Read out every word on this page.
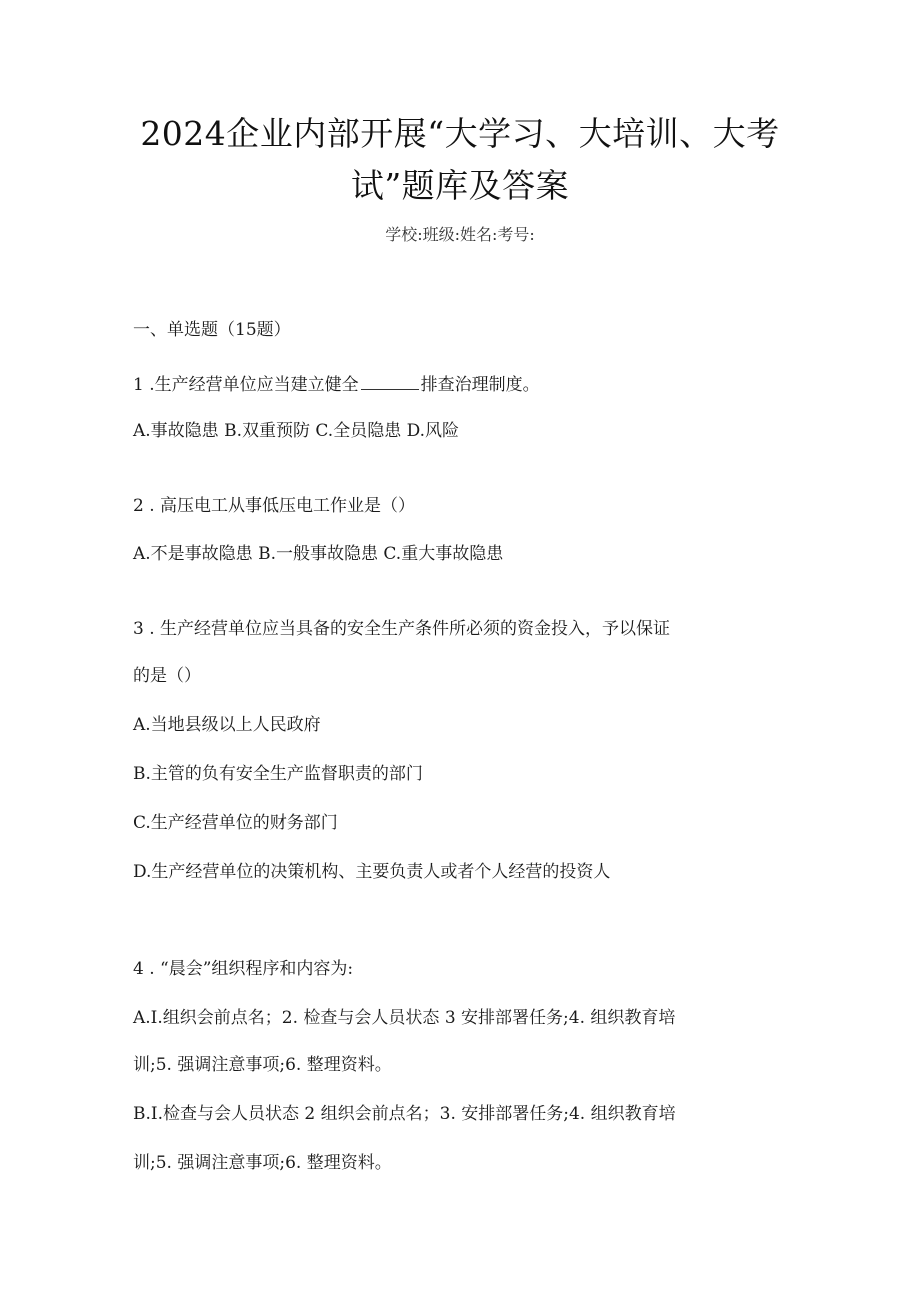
2024企业内部开展“大学习、大培训、大考
试”题库及答案
学校:班级:姓名:考号:
一、单选题（15题）
1 .生产经营单位应当建立健全	排查治理制度。
A.事故隐患 B.双重预防 C.全员隐患 D.风险
2 . 高压电工从事低压电工作业是（）
A.不是事故隐患 B.一般事故隐患 C.重大事故隐患
3 . 生产经营单位应当具备的安全生产条件所必须的资金投入，予以保证
的是（）
A.当地县级以上人民政府
B.主管的负有安全生产监督职责的部门
C.生产经营单位的财务部门
D.生产经营单位的决策机构、主要负责人或者个人经营的投资人
4 . “晨会”组织程序和内容为:
A.I.组织会前点名；2. 检查与会人员状态 3 安排部署任务;4. 组织教育培
训;5. 强调注意事项;6. 整理资料。
B.I.检查与会人员状态 2 组织会前点名；3. 安排部署任务;4. 组织教育培
训;5. 强调注意事项;6. 整理资料。
